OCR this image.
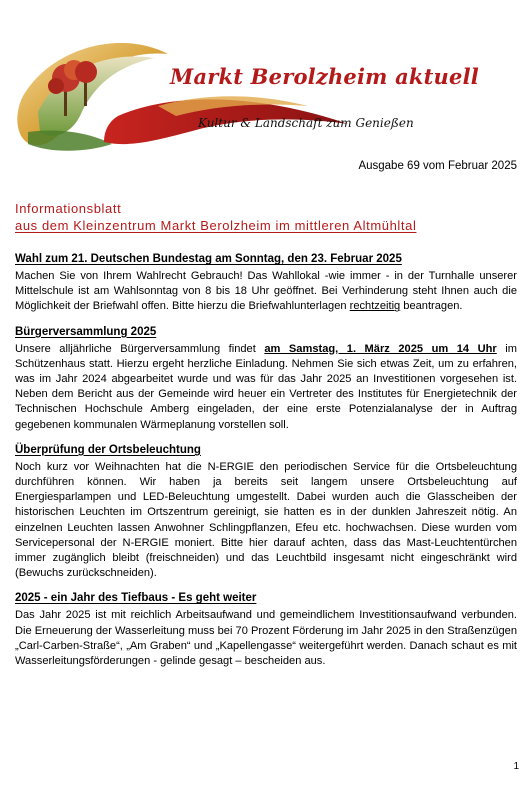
Markt Berolzheim aktuell
Kultur & Landschaft zum Genießen
Ausgabe 69 vom Februar 2025
Informationsblatt
aus dem Kleinzentrum Markt Berolzheim im mittleren Altmühltal
Wahl zum 21. Deutschen Bundestag am Sonntag, den 23. Februar 2025

Machen Sie von Ihrem Wahlrecht Gebrauch! Das Wahllokal -wie immer - in der Turnhalle unserer Mittelschule ist am Wahlsonntag von 8 bis 18 Uhr geöffnet. Bei Verhinderung steht Ihnen auch die Möglichkeit der Briefwahl offen. Bitte hierzu die Briefwahlunterlagen rechtzeitig beantragen.

Bürgerversammlung 2025

Unsere alljährliche Bürgerversammlung findet am Samstag, 1. März 2025 um 14 Uhr im Schützenhaus statt. Hierzu ergeht herzliche Einladung. Nehmen Sie sich etwas Zeit, um zu erfahren, was im Jahr 2024 abgearbeitet wurde und was für das Jahr 2025 an Investitionen vorgesehen ist. Neben dem Bericht aus der Gemeinde wird heuer ein Vertreter des Institutes für Energietechnik der Technischen Hochschule Amberg eingeladen, der eine erste Potenzialanalyse der in Auftrag gegebenen kommunalen Wärmeplanung vorstellen soll.

Überprüfung der Ortsbeleuchtung

Noch kurz vor Weihnachten hat die N-ERGIE den periodischen Service für die Ortsbeleuchtung durchführen können. Wir haben ja bereits seit langem unsere Ortsbeleuchtung auf Energiesparlampen und LED-Beleuchtung umgestellt. Dabei wurden auch die Glasscheiben der historischen Leuchten im Ortszentrum gereinigt, sie hatten es in der dunklen Jahreszeit nötig. An einzelnen Leuchten lassen Anwohner Schlingpflanzen, Efeu etc. hochwachsen. Diese wurden vom Servicepersonal der N-ERGIE moniert. Bitte hier darauf achten, dass das Mast-Leuchtentürchen immer zugänglich bleibt (freischneiden) und das Leuchtbild insgesamt nicht eingeschränkt wird (Bewuchs zurückschneiden).

2025 - ein Jahr des Tiefbaus - Es geht weiter

Das Jahr 2025 ist mit reichlich Arbeitsaufwand und gemeindlichem Investitionsaufwand verbunden. Die Erneuerung der Wasserleitung muss bei 70 Prozent Förderung im Jahr 2025 in den Straßenzügen „Carl-Carben-Straße“, „Am Graben“ und „Kapellengasse“ weitergeführt werden. Danach schaut es mit Wasserleitungsförderungen - gelinde gesagt – bescheiden aus.

1
